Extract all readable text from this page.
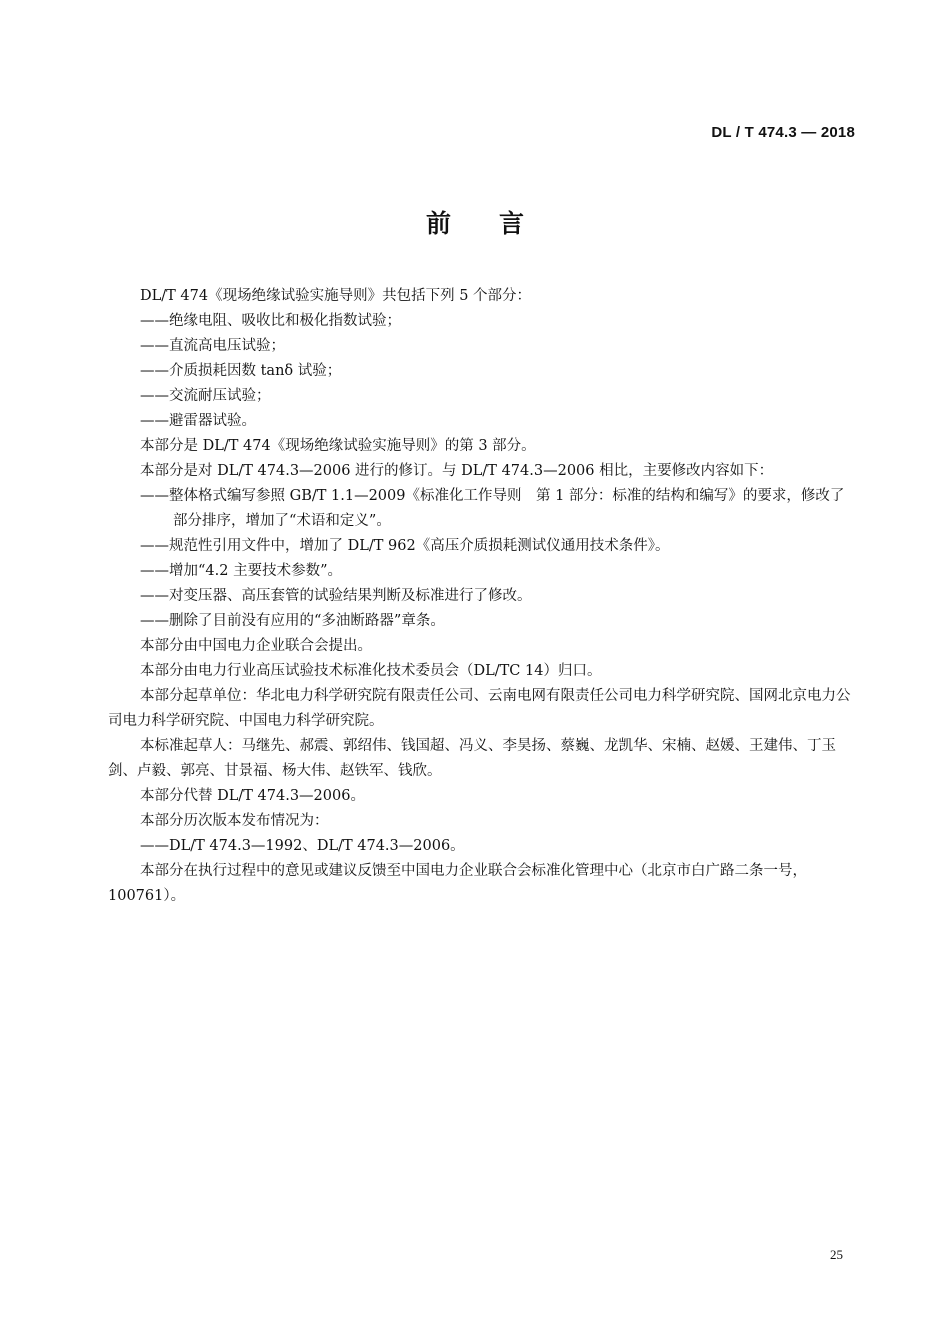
DL / T 474.3 — 2018
前言

DL/T 474《现场绝缘试验实施导则》共包括下列 5 个部分：

——绝缘电阻、吸收比和极化指数试验；

——直流高电压试验；

——介质损耗因数 tanδ 试验；

——交流耐压试验；

——避雷器试验。

本部分是 DL/T 474《现场绝缘试验实施导则》的第 3 部分。

本部分是对 DL/T 474.3—2006 进行的修订。与 DL/T 474.3—2006 相比，主要修改内容如下：

——整体格式编写参照 GB/T 1.1—2009《标准化工作导则　第 1 部分：标准的结构和编写》的要求，修改了部分排序，增加了“术语和定义”。

——规范性引用文件中，增加了 DL/T 962《高压介质损耗测试仪通用技术条件》。

——增加“4.2 主要技术参数”。

——对变压器、高压套管的试验结果判断及标准进行了修改。

——删除了目前没有应用的“多油断路器”章条。

本部分由中国电力企业联合会提出。

本部分由电力行业高压试验技术标准化技术委员会（DL/TC 14）归口。

本部分起草单位：华北电力科学研究院有限责任公司、云南电网有限责任公司电力科学研究院、国网北京电力公司电力科学研究院、中国电力科学研究院。

本标准起草人：马继先、郝震、郭绍伟、钱国超、冯义、李昊扬、蔡巍、龙凯华、宋楠、赵媛、王建伟、丁玉剑、卢毅、郭亮、甘景福、杨大伟、赵铁军、钱欣。

本部分代替 DL/T 474.3—2006。

本部分历次版本发布情况为：

——DL/T 474.3—1992、DL/T 474.3—2006。

本部分在执行过程中的意见或建议反馈至中国电力企业联合会标准化管理中心（北京市白广路二条一号，100761）。

25
